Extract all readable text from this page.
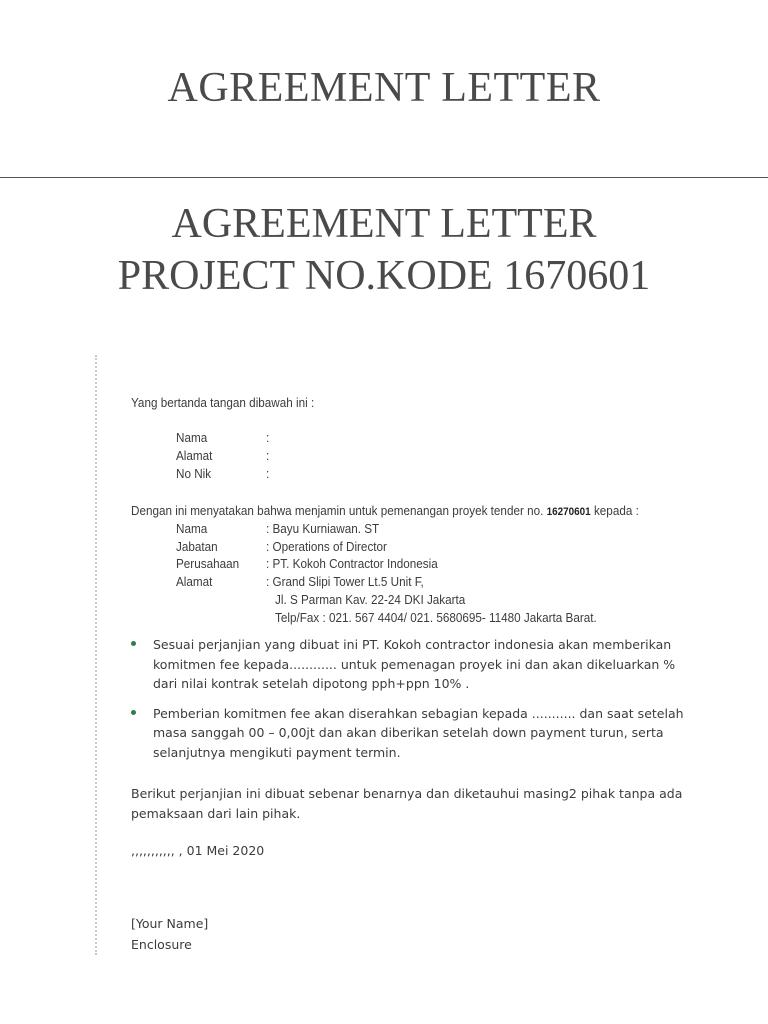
AGREEMENT LETTER
AGREEMENT LETTER
PROJECT NO.KODE 1670601
Yang bertanda tangan dibawah ini :
Nama	:
Alamat	:
No Nik	:
Dengan ini menyatakan bahwa menjamin untuk pemenangan proyek tender no. 16270601 kepada :
Nama	: Bayu Kurniawan. ST
Jabatan	: Operations of Director
Perusahaan : PT. Kokoh Contractor Indonesia
Alamat	: Grand Slipi Tower Lt.5 Unit F,
Jl. S Parman Kav. 22-24 DKI Jakarta
Telp/Fax : 021. 567 4404/ 021. 5680695- 11480 Jakarta Barat.
Sesuai perjanjian yang dibuat ini PT. Kokoh contractor indonesia akan memberikan komitmen fee kepada............ untuk pemenagan proyek ini dan akan dikeluarkan % dari nilai kontrak setelah dipotong pph+ppn 10% .
Pemberian komitmen fee akan diserahkan sebagian kepada ........... dan saat setelah masa sanggah 00 – 0,00jt dan akan diberikan setelah down payment turun, serta selanjutnya mengikuti payment termin.
Berikut perjanjian ini dibuat sebenar benarnya dan diketauhui masing2 pihak tanpa ada pemaksaan dari lain pihak.
,,,,,,,,,,, , 01 Mei 2020
[Your Name]
Enclosure
